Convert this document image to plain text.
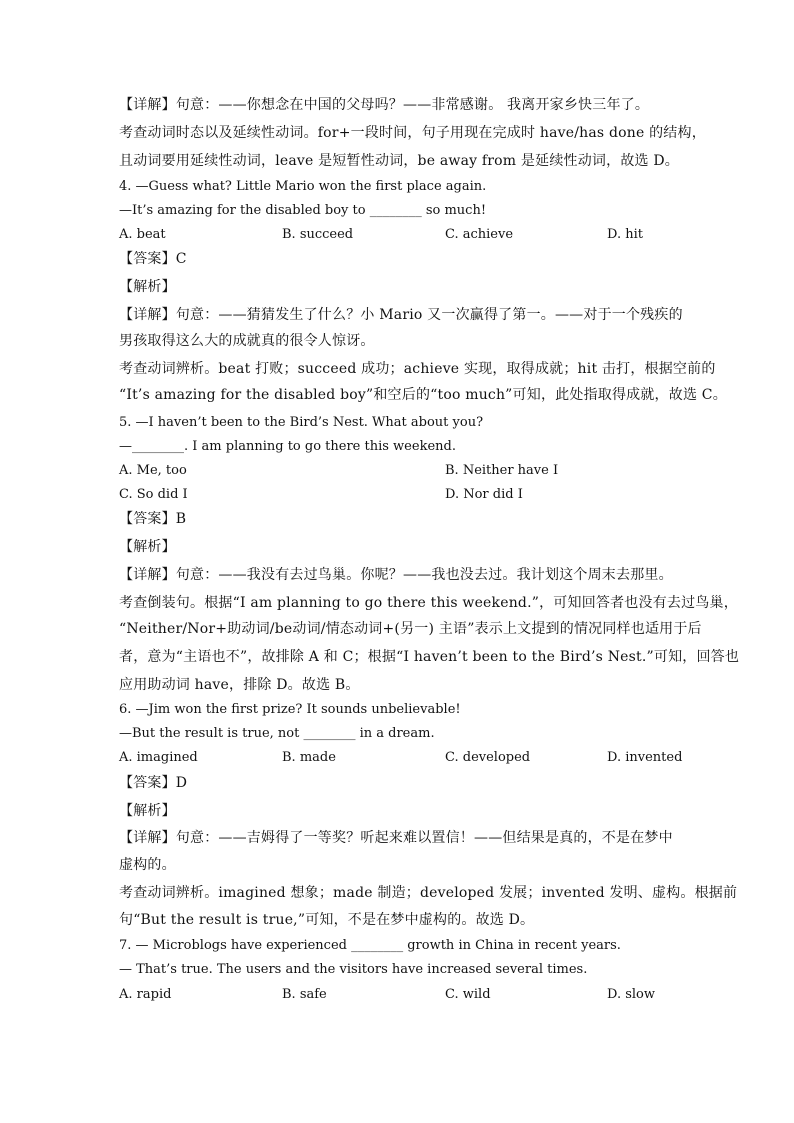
【详解】句意：——你想念在中国的父母吗？——非常感谢。 我离开家乡快三年了。
考查动词时态以及延续性动词。for+一段时间，句子用现在完成时 have/has done 的结构，
且动词要用延续性动词，leave 是短暂性动词，be away from 是延续性动词，故选 D。
4. —Guess what? Little Mario won the first place again.
—It’s amazing for the disabled boy to ________ so much!
A. beat	B. succeed	C. achieve	D. hit
【答案】C
【解析】
【详解】句意：——猜猜发生了什么？小 Mario 又一次赢得了第一。——对于一个残疾的
男孩取得这么大的成就真的很令人惊讶。
考查动词辨析。beat 打败；succeed 成功；achieve 实现，取得成就；hit 击打，根据空前的
“It’s amazing for the disabled boy”和空后的“too much”可知，此处指取得成就，故选 C。
5. —I haven’t been to the Bird’s Nest. What about you?
—________. I am planning to go there this weekend.
A. Me, too	B. Neither have I
C. So did I	D. Nor did I
【答案】B
【解析】
【详解】句意：——我没有去过鸟巢。你呢？——我也没去过。我计划这个周末去那里。
考查倒装句。根据“I am planning to go there this weekend.”，可知回答者也没有去过鸟巢，
“Neither/Nor+助动词/be动词/情态动词+(另一) 主语”表示上文提到的情况同样也适用于后
者，意为“主语也不”，故排除 A 和 C；根据“I haven’t been to the Bird’s Nest.”可知，回答也
应用助动词 have，排除 D。故选 B。
6. —Jim won the first prize? It sounds unbelievable!
—But the result is true, not ________ in a dream.
A. imagined	B. made	C. developed	D. invented
【答案】D
【解析】
【详解】句意：——吉姆得了一等奖？听起来难以置信！——但结果是真的，不是在梦中
虚构的。
考查动词辨析。imagined 想象；made 制造；developed 发展；invented 发明、虚构。根据前
句“But the result is true,”可知，不是在梦中虚构的。故选 D。
7. — Microblogs have experienced ________ growth in China in recent years.
— That’s true. The users and the visitors have increased several times.
A. rapid	B. safe	C. wild	D. slow
